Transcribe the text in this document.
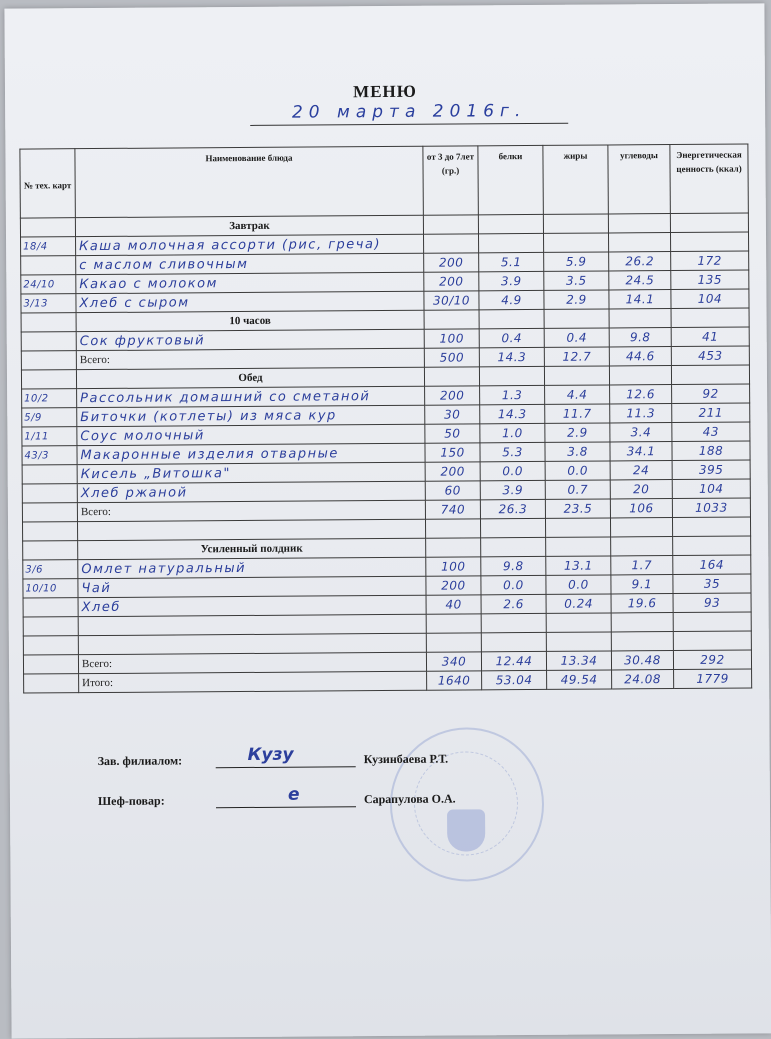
МЕНЮ
20 марта 2016г.
№ тех. карт	Наименование блюда	от 3 до 7лет (гр.)	белки	жиры	углеводы	Энергетическая ценность (ккал)
	Завтрак					
18/4	Каша молочная ассорти (рис, греча)					
	с маслом сливочным	200	5.1	5.9	26.2	172
24/10	Какао с молоком	200	3.9	3.5	24.5	135
3/13	Хлеб с сыром	30/10	4.9	2.9	14.1	104
	10 часов					
	Сок фруктовый	100	0.4	0.4	9.8	41
	Всего:	500	14.3	12.7	44.6	453
	Обед					
10/2	Рассольник домашний со сметаной	200	1.3	4.4	12.6	92
5/9	Биточки (котлеты) из мяса кур	30	14.3	11.7	11.3	211
1/11	Соус молочный	50	1.0	2.9	3.4	43
43/3	Макаронные изделия отварные	150	5.3	3.8	34.1	188
	Кисель „Витошка"	200	0.0	0.0	24	395
	Хлеб ржаной	60	3.9	0.7	20	104
	Всего:	740	26.3	23.5	106	1033

	Усиленный полдник					
3/6	Омлет натуральный	100	9.8	13.1	1.7	164
10/10	Чай	200	0.0	0.0	9.1	35
	Хлеб	40	2.6	0.24	19.6	93

	Всего:	340	12.44	13.34	30.48	292
	Итого:	1640	53.04	49.54	24.08	1779
Зав. филиалом:	Кузу	Кузинбаева Р.Т.
Шеф-повар:	е	Сарапулова О.А.
